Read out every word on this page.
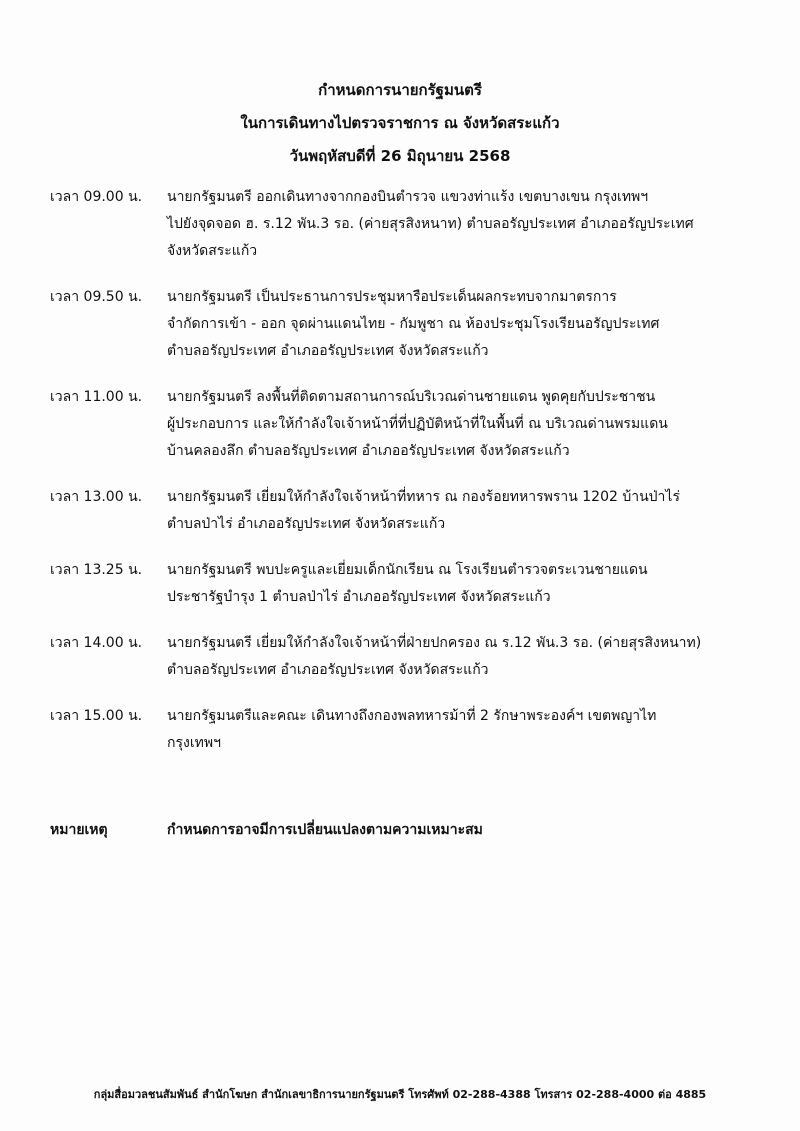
กำหนดการนายกรัฐมนตรี
ในการเดินทางไปตรวจราชการ ณ จังหวัดสระแก้ว
วันพฤหัสบดีที่ 26 มิถุนายน 2568
เวลา 09.00 น.	นายกรัฐมนตรี ออกเดินทางจากกองบินตำรวจ แขวงท่าแร้ง เขตบางเขน กรุงเทพฯ
ไปยังจุดจอด ฮ. ร.12 พัน.3 รอ. (ค่ายสุรสิงหนาท) ตำบลอรัญประเทศ อำเภออรัญประเทศ
จังหวัดสระแก้ว
เวลา 09.50 น.	นายกรัฐมนตรี เป็นประธานการประชุมหารือประเด็นผลกระทบจากมาตรการ
จำกัดการเข้า - ออก จุดผ่านแดนไทย - กัมพูชา ณ ห้องประชุมโรงเรียนอรัญประเทศ
ตำบลอรัญประเทศ อำเภออรัญประเทศ จังหวัดสระแก้ว
เวลา 11.00 น.	นายกรัฐมนตรี ลงพื้นที่ติดตามสถานการณ์บริเวณด่านชายแดน พูดคุยกับประชาชน
ผู้ประกอบการ และให้กำลังใจเจ้าหน้าที่ที่ปฏิบัติหน้าที่ในพื้นที่ ณ บริเวณด่านพรมแดน
บ้านคลองลึก ตำบลอรัญประเทศ อำเภออรัญประเทศ จังหวัดสระแก้ว
เวลา 13.00 น.	นายกรัฐมนตรี เยี่ยมให้กำลังใจเจ้าหน้าที่ทหาร ณ กองร้อยทหารพราน 1202 บ้านป่าไร่
ตำบลป่าไร่ อำเภออรัญประเทศ จังหวัดสระแก้ว
เวลา 13.25 น.	นายกรัฐมนตรี พบปะครูและเยี่ยมเด็กนักเรียน ณ โรงเรียนตำรวจตระเวนชายแดน
ประชารัฐบำรุง 1 ตำบลป่าไร่ อำเภออรัญประเทศ จังหวัดสระแก้ว
เวลา 14.00 น.	นายกรัฐมนตรี เยี่ยมให้กำลังใจเจ้าหน้าที่ฝ่ายปกครอง ณ ร.12 พัน.3 รอ. (ค่ายสุรสิงหนาท)
ตำบลอรัญประเทศ อำเภออรัญประเทศ จังหวัดสระแก้ว
เวลา 15.00 น.	นายกรัฐมนตรีและคณะ เดินทางถึงกองพลทหารม้าที่ 2 รักษาพระองค์ฯ เขตพญาไท
กรุงเทพฯ
หมายเหตุ	กำหนดการอาจมีการเปลี่ยนแปลงตามความเหมาะสม
กลุ่มสื่อมวลชนสัมพันธ์ สำนักโฆษก สำนักเลขาธิการนายกรัฐมนตรี โทรศัพท์ 02-288-4388 โทรสาร 02-288-4000 ต่อ 4885
